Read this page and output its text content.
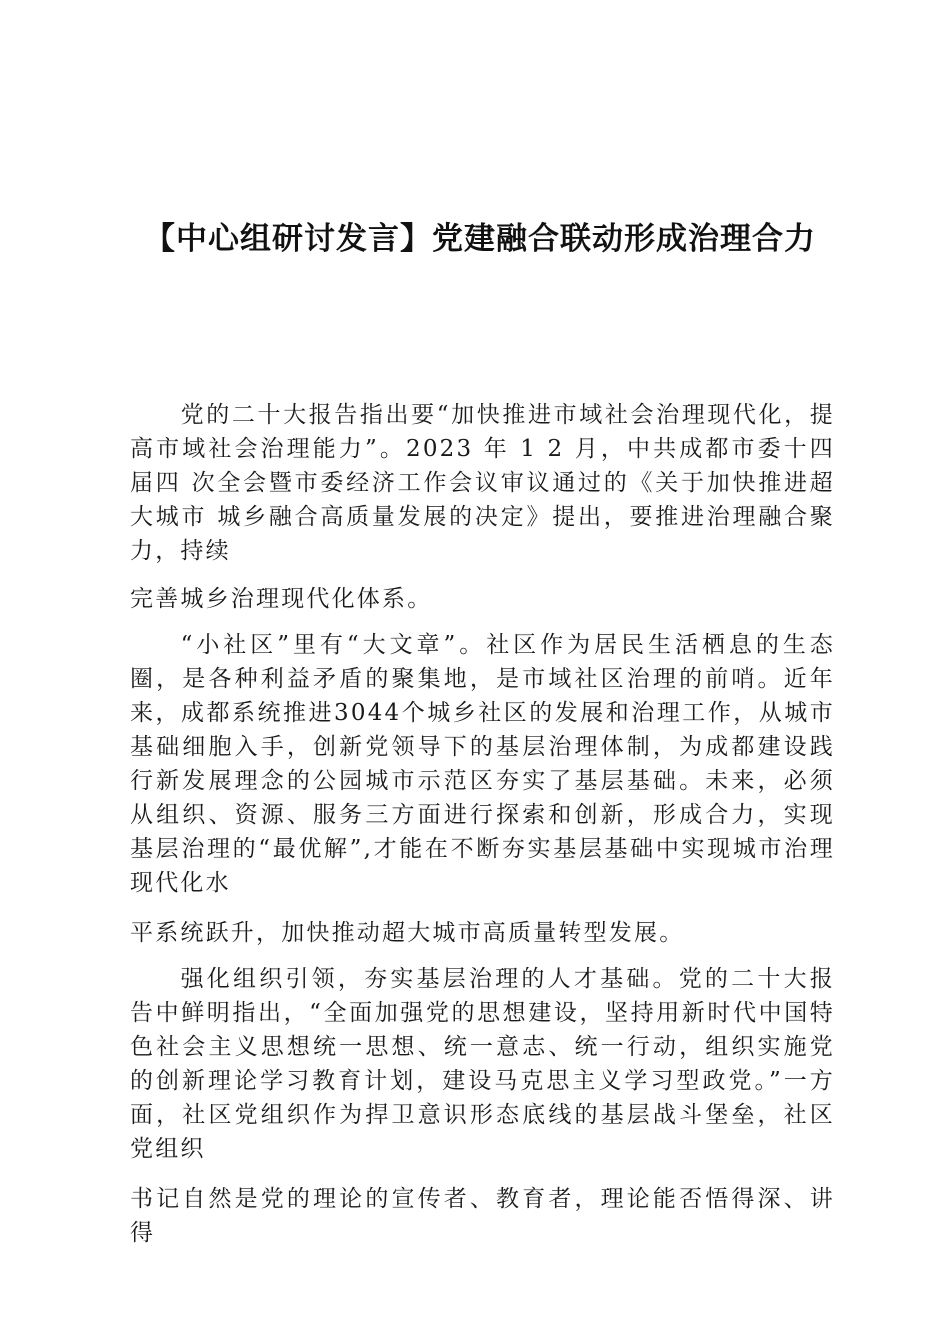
【中心组研讨发言】党建融合联动形成治理合力

党的二十大报告指出要“加快推进市域社会治理现代化，提高市域社会治理能力”。2023 年 1 2 月，中共成都市委十四届四 次全会暨市委经济工作会议审议通过的《关于加快推进超大城市 城乡融合高质量发展的决定》提出，要推进治理融合聚力，持续

完善城乡治理现代化体系。

“小社区”里有“大文章”。社区作为居民生活栖息的生态圈，是各种利益矛盾的聚集地，是市域社区治理的前哨。近年来，成都系统推进3044个城乡社区的发展和治理工作，从城市基础细胞入手，创新党领导下的基层治理体制，为成都建设践行新发展理念的公园城市示范区夯实了基层基础。未来，必须从组织、资源、服务三方面进行探索和创新，形成合力，实现基层治理的“最优解”,才能在不断夯实基层基础中实现城市治理现代化水

平系统跃升，加快推动超大城市高质量转型发展。

强化组织引领，夯实基层治理的人才基础。党的二十大报告中鲜明指出，“全面加强党的思想建设，坚持用新时代中国特色社会主义思想统一思想、统一意志、统一行动，组织实施党的创新理论学习教育计划，建设马克思主义学习型政党。”一方面，社区党组织作为捍卫意识形态底线的基层战斗堡垒，社区党组织

书记自然是党的理论的宣传者、教育者，理论能否悟得深、讲得
